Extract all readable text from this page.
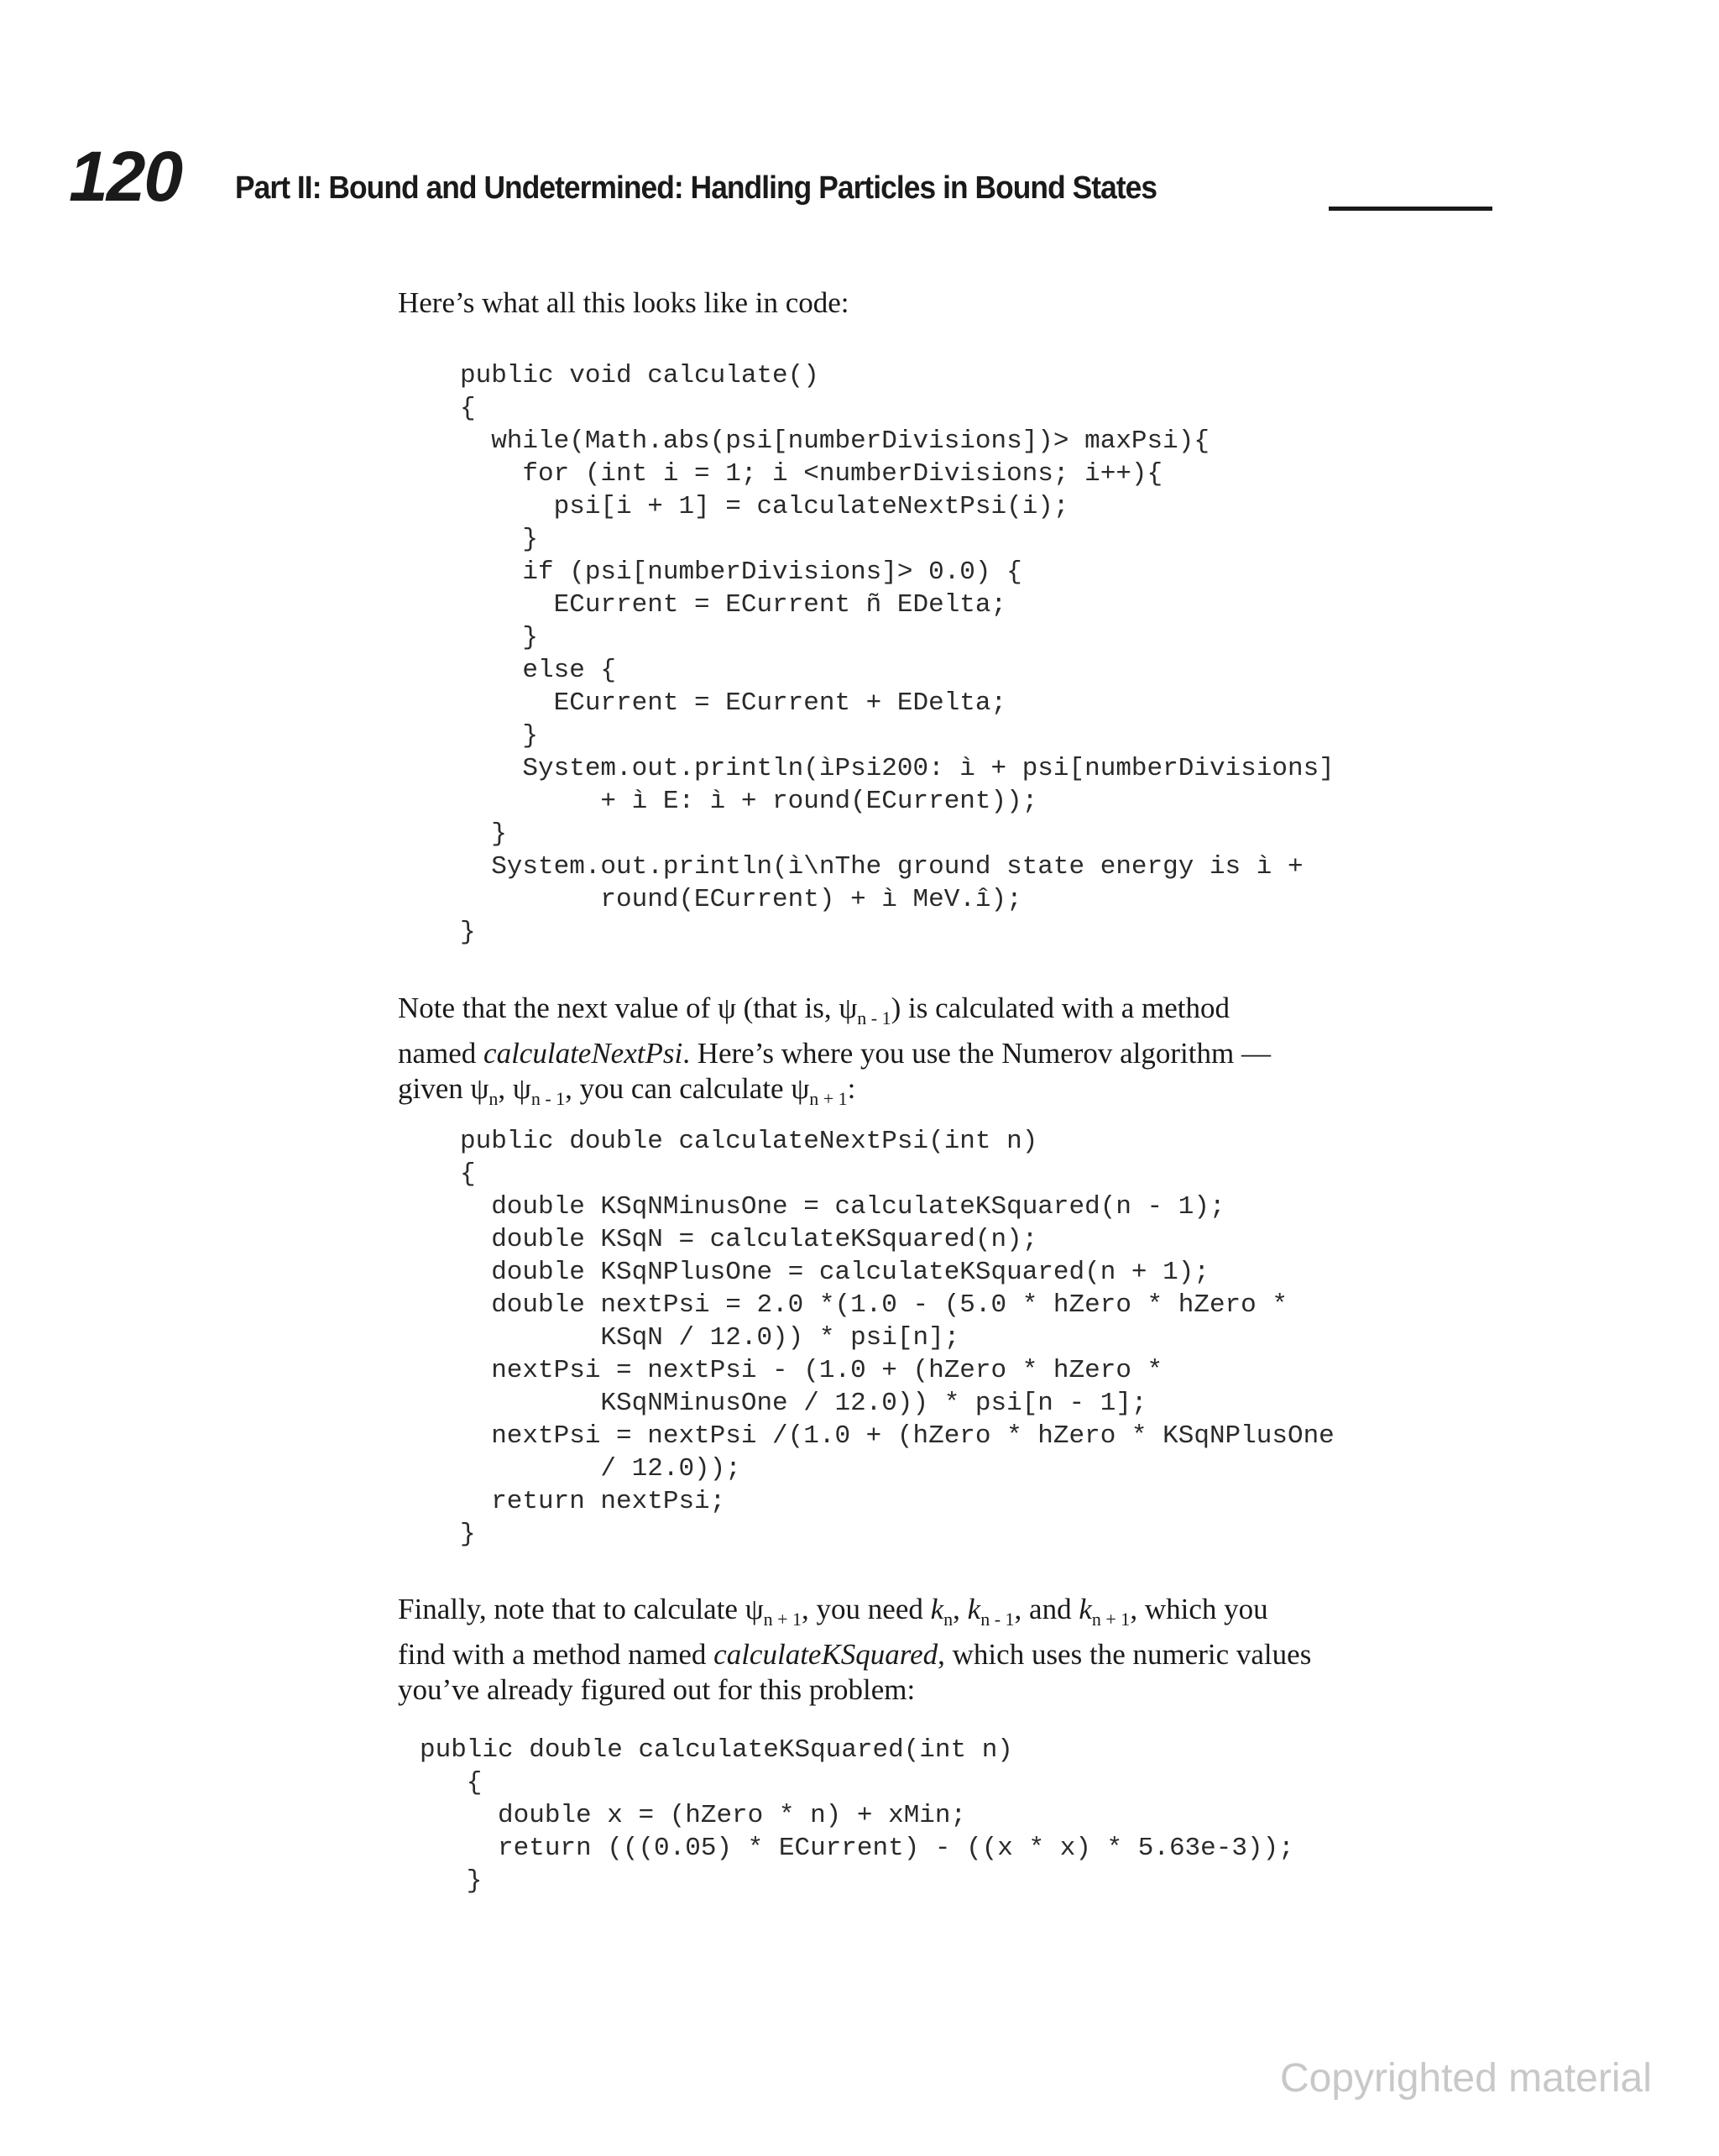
120 Part II: Bound and Undetermined: Handling Particles in Bound States

Here’s what all this looks like in code:

public void calculate()
{
while(Math.abs(psi[numberDivisions])> maxPsi){
for (int i = 1; i <numberDivisions; i++){
psi[i + 1] = calculateNextPsi(i);
}
if (psi[numberDivisions]> 0.0) {
ECurrent = ECurrent ñ EDelta;
}
else {
ECurrent = ECurrent + EDelta;
}
System.out.println(ìPsi200: ì + psi[numberDivisions]
+ ì E: ì + round(ECurrent));
}
System.out.println(ì\nThe ground state energy is ì +
round(ECurrent) + ì MeV.î);
}

Note that the next value of ψ (that is, $\psi_{n - 1}$) is calculated with a method
named calculateNextPsi. Here’s where you use the Numerov algorithm —
given $\psi_n$, $\psi_{n - 1}$, you can calculate $\psi_{n + 1}$:

public double calculateNextPsi(int n)
{
double KSqNMinusOne = calculateKSquared(n - 1);
double KSqN = calculateKSquared(n);
double KSqNPlusOne = calculateKSquared(n + 1);
double nextPsi = 2.0 *(1.0 - (5.0 * hZero * hZero *
KSqN / 12.0)) * psi[n];
nextPsi = nextPsi - (1.0 + (hZero * hZero *
KSqNMinusOne / 12.0)) * psi[n - 1];
nextPsi = nextPsi /(1.0 + (hZero * hZero * KSqNPlusOne
/ 12.0));
return nextPsi;
}

Finally, note that to calculate $\psi_{n + 1}$, you need $k_n$, $k_{n - 1}$, and $k_{n + 1}$, which you
find with a method named calculateKSquared, which uses the numeric values
you’ve already figured out for this problem:

public double calculateKSquared(int n)
{
double x = (hZero * n) + xMin;
return (((0.05) * ECurrent) - ((x * x) * 5.63e-3));
}
Copyrighted material
